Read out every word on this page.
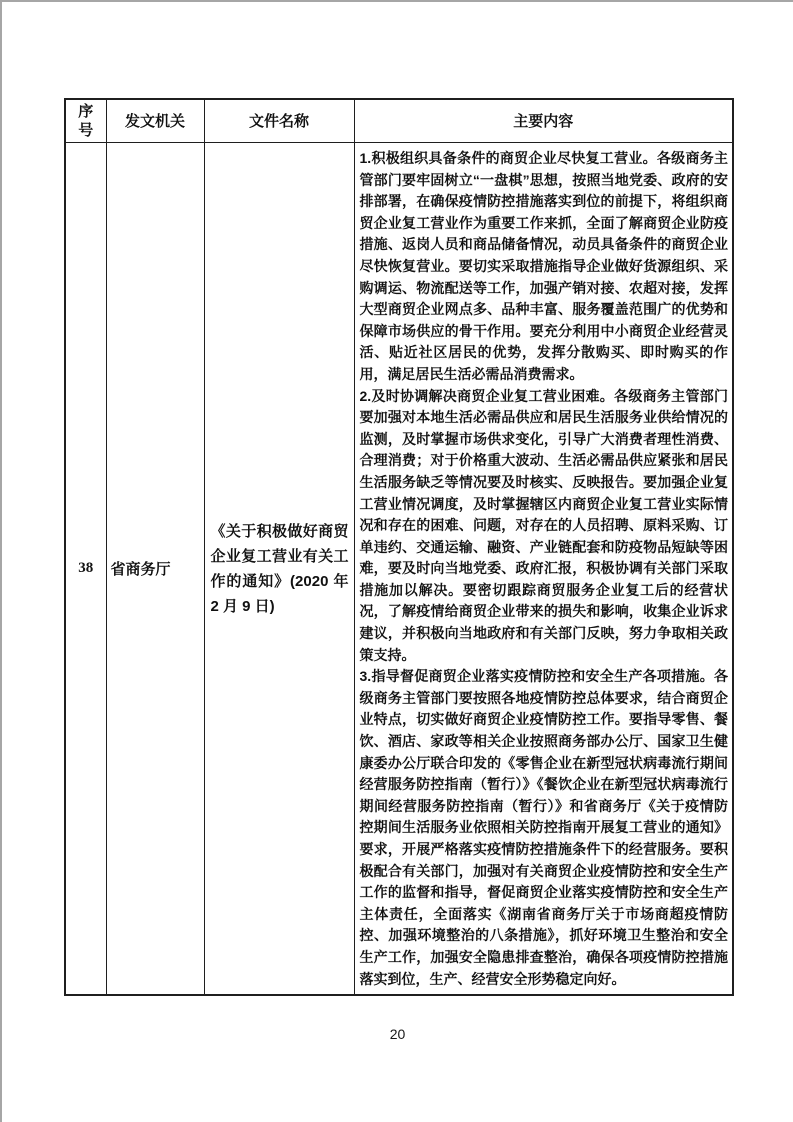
序号	发文机关	文件名称	主要内容
38	省商务厅	《关于积极做好商贸企业复工营业有关工作的通知》(2020 年 2 月 9 日)	1.积极组织具备条件的商贸企业尽快复工营业。各级商务主管部门要牢固树立“一盘棋”思想，按照当地党委、政府的安排部署，在确保疫情防控措施落实到位的前提下，将组织商贸企业复工营业作为重要工作来抓，全面了解商贸企业防疫措施、返岗人员和商品储备情况，动员具备条件的商贸企业尽快恢复营业。要切实采取措施指导企业做好货源组织、采购调运、物流配送等工作，加强产销对接、农超对接，发挥大型商贸企业网点多、品种丰富、服务覆盖范围广的优势和保障市场供应的骨干作用。要充分利用中小商贸企业经营灵活、贴近社区居民的优势，发挥分散购买、即时购买的作用，满足居民生活必需品消费需求。

2.及时协调解决商贸企业复工营业困难。各级商务主管部门要加强对本地生活必需品供应和居民生活服务业供给情况的监测，及时掌握市场供求变化，引导广大消费者理性消费、合理消费；对于价格重大波动、生活必需品供应紧张和居民生活服务缺乏等情况要及时核实、反映报告。要加强企业复工营业情况调度，及时掌握辖区内商贸企业复工营业实际情况和存在的困难、问题，对存在的人员招聘、原料采购、订单违约、交通运输、融资、产业链配套和防疫物品短缺等困难，要及时向当地党委、政府汇报，积极协调有关部门采取措施加以解决。要密切跟踪商贸服务企业复工后的经营状况，了解疫情给商贸企业带来的损失和影响，收集企业诉求建议，并积极向当地政府和有关部门反映，努力争取相关政策支持。

3.指导督促商贸企业落实疫情防控和安全生产各项措施。各级商务主管部门要按照各地疫情防控总体要求，结合商贸企业特点，切实做好商贸企业疫情防控工作。要指导零售、餐饮、酒店、家政等相关企业按照商务部办公厅、国家卫生健康委办公厅联合印发的《零售企业在新型冠状病毒流行期间经营服务防控指南（暂行）》《餐饮企业在新型冠状病毒流行期间经营服务防控指南（暂行）》和省商务厅《关于疫情防控期间生活服务业依照相关防控指南开展复工营业的通知》要求，开展严格落实疫情防控措施条件下的经营服务。要积极配合有关部门，加强对有关商贸企业疫情防控和安全生产工作的监督和指导，督促商贸企业落实疫情防控和安全生产主体责任，全面落实《湖南省商务厅关于市场商超疫情防控、加强环境整治的八条措施》，抓好环境卫生整治和安全生产工作，加强安全隐患排查整治，确保各项疫情防控措施落实到位，生产、经营安全形势稳定向好。

20
